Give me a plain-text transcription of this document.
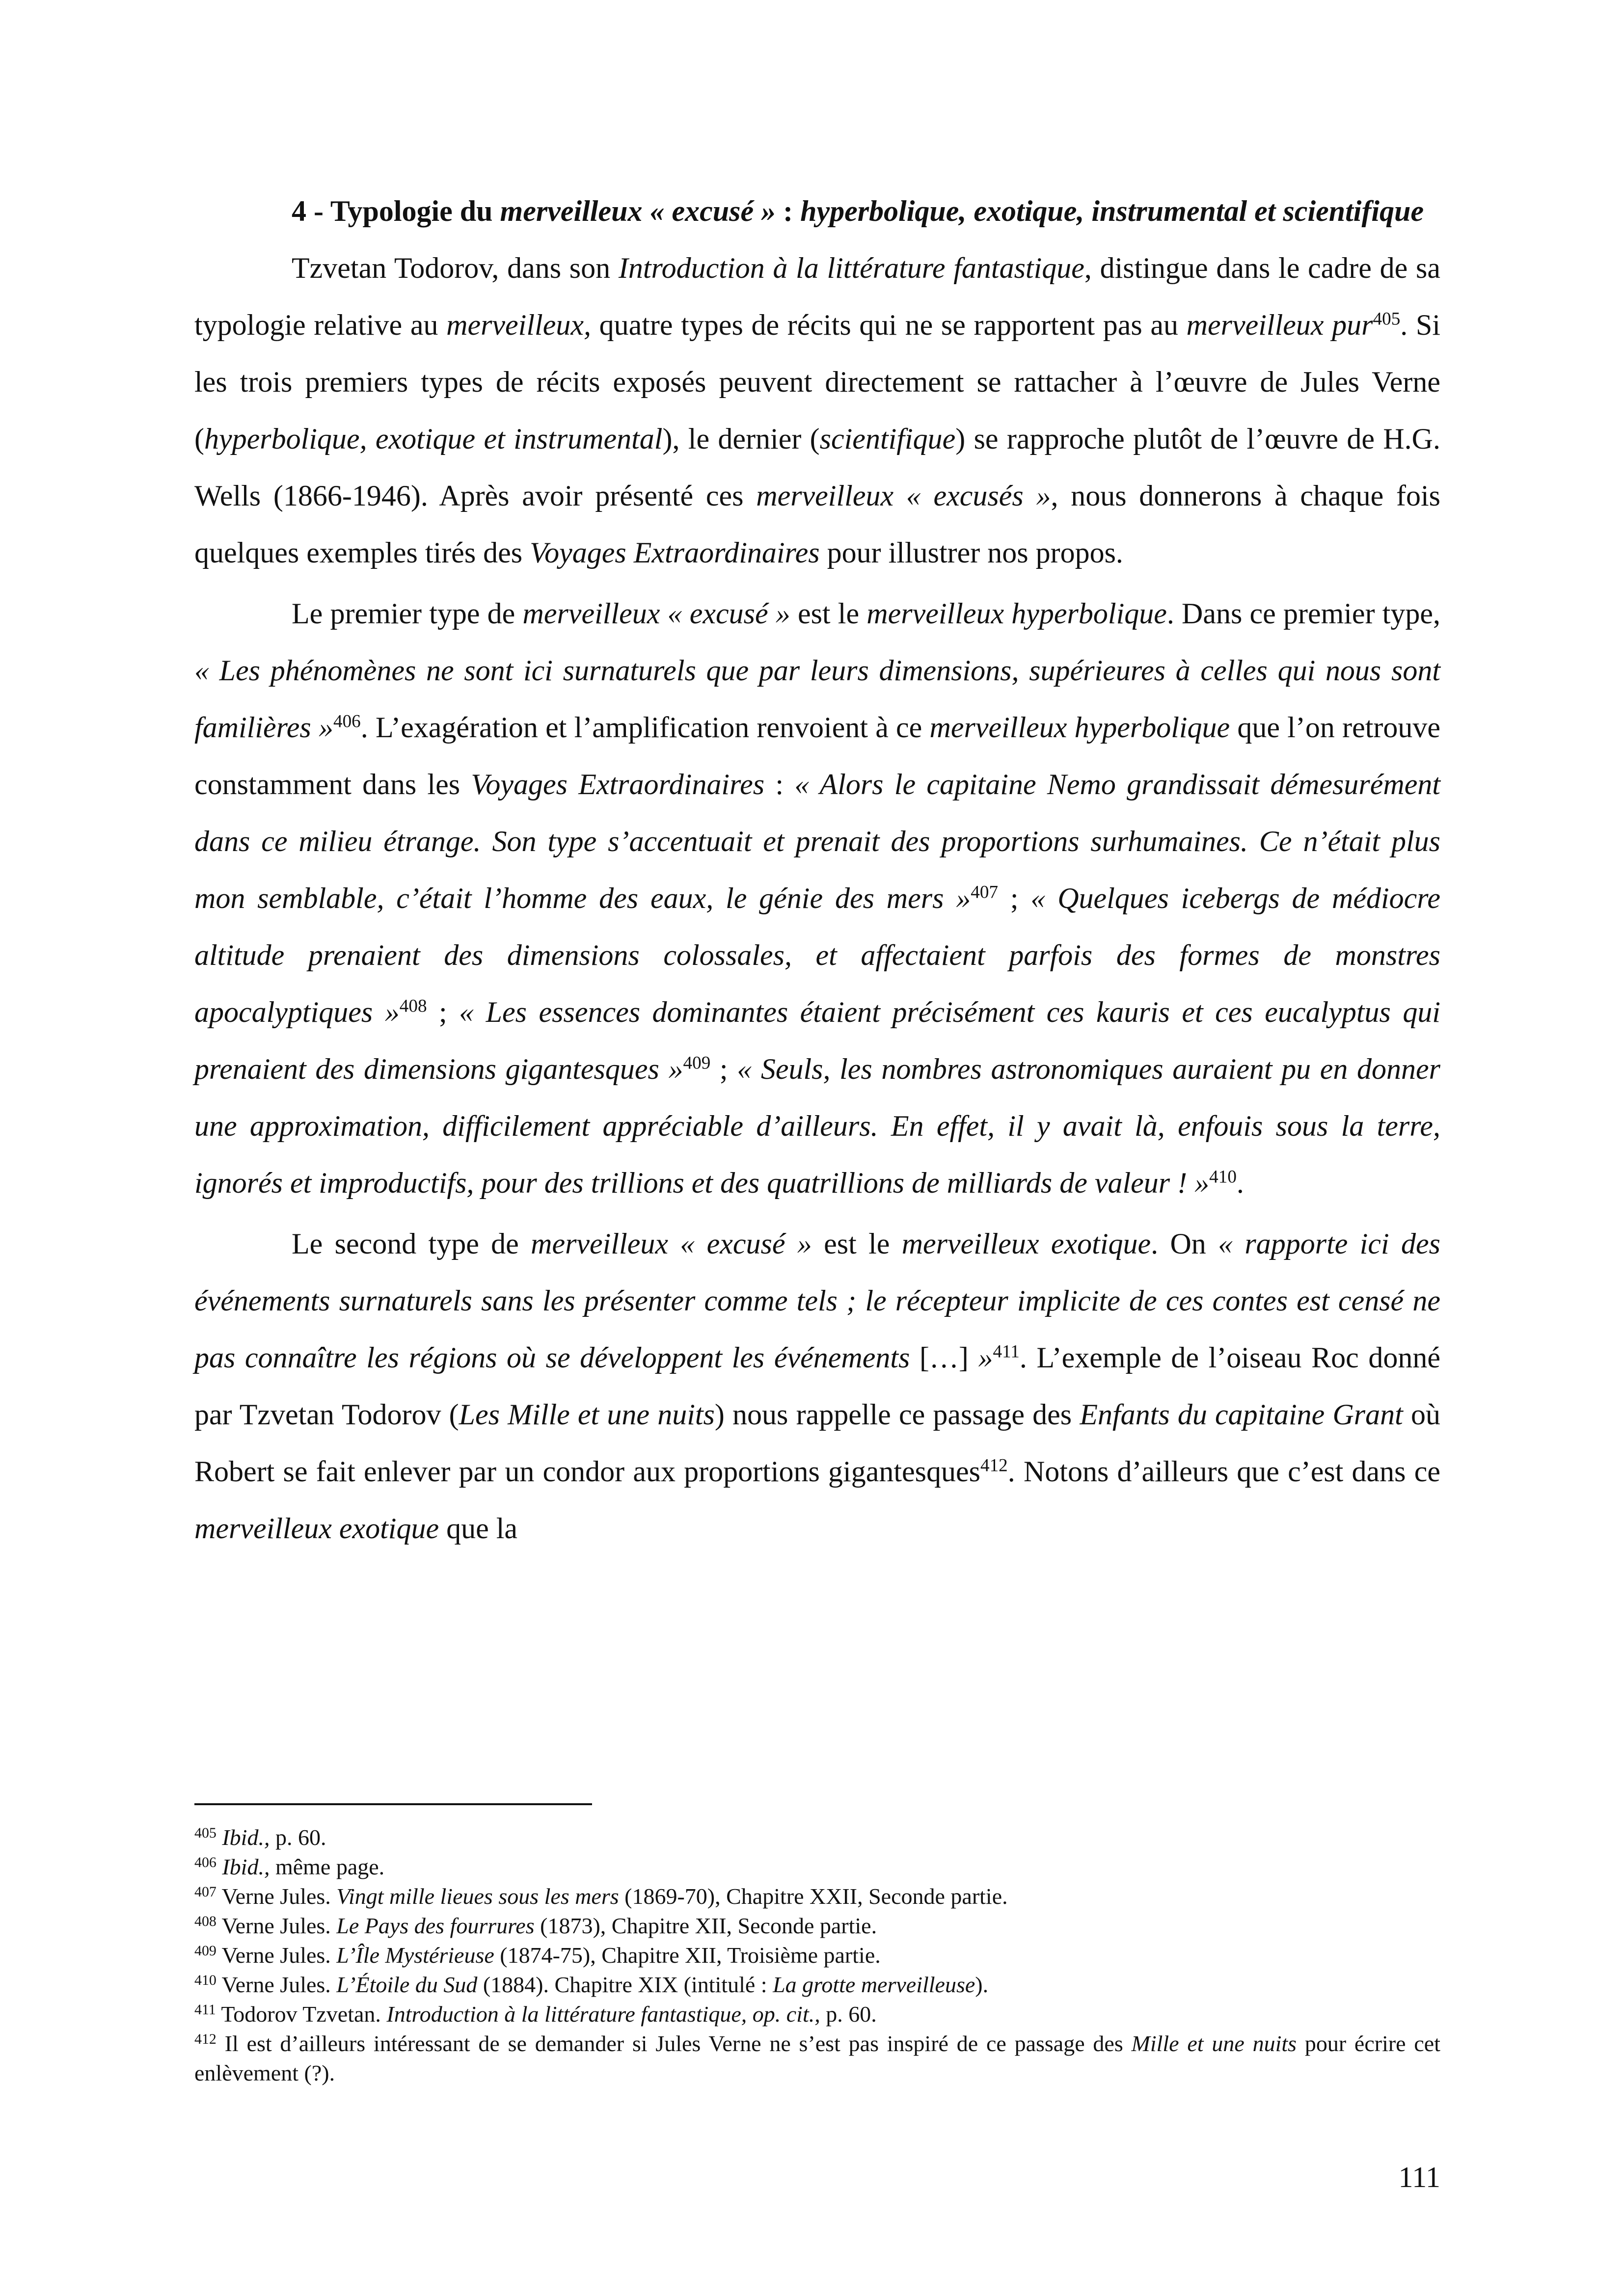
4 - Typologie du merveilleux « excusé » : hyperbolique, exotique, instrumental et scientifique

Tzvetan Todorov, dans son Introduction à la littérature fantastique, distingue dans le cadre de sa typologie relative au merveilleux, quatre types de récits qui ne se rapportent pas au merveilleux pur$^{405}$. Si les trois premiers types de récits exposés peuvent directement se rattacher à l’œuvre de Jules Verne (hyperbolique, exotique et instrumental), le dernier (scientifique) se rapproche plutôt de l’œuvre de H.G. Wells (1866-1946). Après avoir présenté ces merveilleux « excusés », nous donnerons à chaque fois quelques exemples tirés des Voyages Extraordinaires pour illustrer nos propos.

Le premier type de merveilleux « excusé » est le merveilleux hyperbolique. Dans ce premier type, « Les phénomènes ne sont ici surnaturels que par leurs dimensions, supérieures à celles qui nous sont familières »$^{406}$. L’exagération et l’amplification renvoient à ce merveilleux hyperbolique que l’on retrouve constamment dans les Voyages Extraordinaires : « Alors le capitaine Nemo grandissait démesurément dans ce milieu étrange. Son type s’accentuait et prenait des proportions surhumaines. Ce n’était plus mon semblable, c’était l’homme des eaux, le génie des mers »$^{407}$ ; « Quelques icebergs de médiocre altitude prenaient des dimensions colossales, et affectaient parfois des formes de monstres apocalyptiques »$^{408}$ ; « Les essences dominantes étaient précisément ces kauris et ces eucalyptus qui prenaient des dimensions gigantesques »$^{409}$ ; « Seuls, les nombres astronomiques auraient pu en donner une approximation, difficilement appréciable d’ailleurs. En effet, il y avait là, enfouis sous la terre, ignorés et improductifs, pour des trillions et des quatrillions de milliards de valeur ! »$^{410}$.

Le second type de merveilleux « excusé » est le merveilleux exotique. On « rapporte ici des événements surnaturels sans les présenter comme tels ; le récepteur implicite de ces contes est censé ne pas connaître les régions où se développent les événements […] »$^{411}$. L’exemple de l’oiseau Roc donné par Tzvetan Todorov (Les Mille et une nuits) nous rappelle ce passage des Enfants du capitaine Grant où Robert se fait enlever par un condor aux proportions gigantesques$^{412}$. Notons d’ailleurs que c’est dans ce merveilleux exotique que la

$^{405}$ Ibid., p. 60.

$^{406}$ Ibid., même page.

$^{407}$ Verne Jules. Vingt mille lieues sous les mers (1869-70), Chapitre XXII, Seconde partie.

$^{408}$ Verne Jules. Le Pays des fourrures (1873), Chapitre XII, Seconde partie.

$^{409}$ Verne Jules. L’Île Mystérieuse (1874-75), Chapitre XII, Troisième partie.

$^{410}$ Verne Jules. L’Étoile du Sud (1884). Chapitre XIX (intitulé : La grotte merveilleuse).

$^{411}$ Todorov Tzvetan. Introduction à la littérature fantastique, op. cit., p. 60.

$^{412}$ Il est d’ailleurs intéressant de se demander si Jules Verne ne s’est pas inspiré de ce passage des Mille et une nuits pour écrire cet enlèvement (?).

111
